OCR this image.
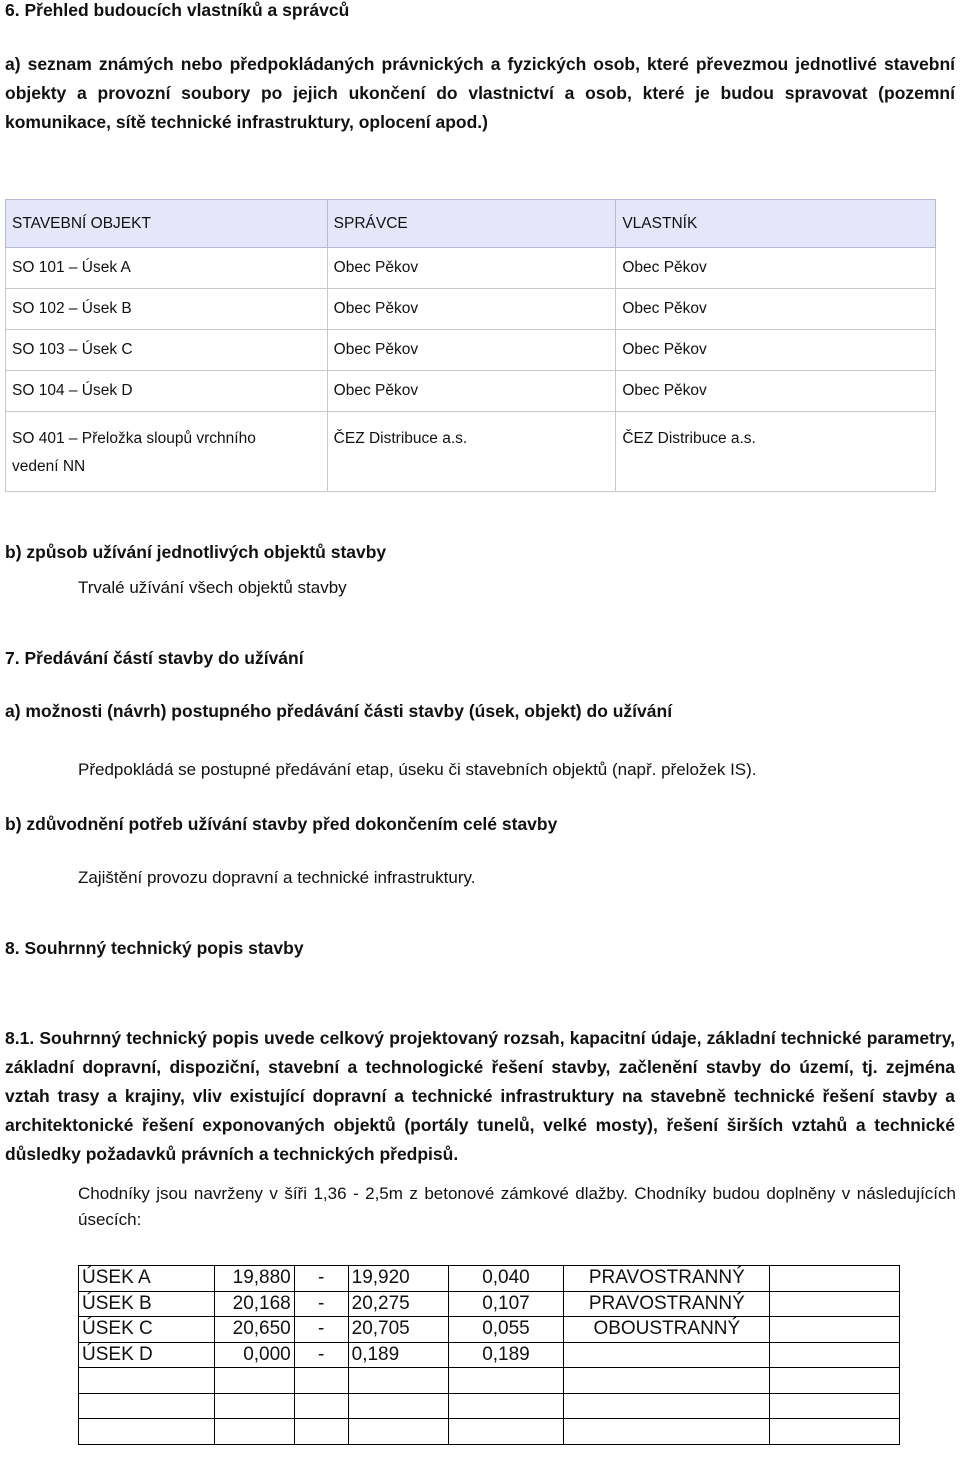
6. Přehled budoucích vlastníků a správců
a) seznam známých nebo předpokládaných právnických a fyzických osob, které převezmou jednotlivé stavební objekty a provozní soubory po jejich ukončení do vlastnictví a osob, které je budou spravovat (pozemní komunikace, sítě technické infrastruktury, oplocení apod.)
STAVEBNÍ OBJEKT	SPRÁVCE	VLASTNÍK
SO 101 – Úsek A	Obec Pěkov	Obec Pěkov
SO 102 – Úsek B	Obec Pěkov	Obec Pěkov
SO 103 – Úsek C	Obec Pěkov	Obec Pěkov
SO 104 – Úsek D	Obec Pěkov	Obec Pěkov
SO 401 – Přeložka sloupů vrchního vedení NN	ČEZ Distribuce a.s.	ČEZ Distribuce a.s.
b) způsob užívání jednotlivých objektů stavby
Trvalé užívání všech objektů stavby
7. Předávání částí stavby do užívání
a) možnosti (návrh) postupného předávání části stavby (úsek, objekt) do užívání
Předpokládá se postupné předávání etap, úseku či stavebních objektů (např. přeložek IS).
b) zdůvodnění potřeb užívání stavby před dokončením celé stavby
Zajištění provozu dopravní a technické infrastruktury.
8. Souhrnný technický popis stavby
8.1. Souhrnný technický popis uvede celkový projektovaný rozsah, kapacitní údaje, základní technické parametry, základní dopravní, dispoziční, stavební a technologické řešení stavby, začlenění stavby do území, tj. zejména vztah trasy a krajiny, vliv existující dopravní a technické infrastruktury na stavebně technické řešení stavby a architektonické řešení exponovaných objektů (portály tunelů, velké mosty), řešení širších vztahů a technické důsledky požadavků právních a technických předpisů.
Chodníky jsou navrženy v šíři 1,36 - 2,5m z betonové zámkové dlažby. Chodníky budou doplněny v následujících úsecích:
ÚSEK A	19,880	-	19,920	0,040	PRAVOSTRANNÝ	
ÚSEK B	20,168	-	20,275	0,107	PRAVOSTRANNÝ	
ÚSEK C	20,650	-	20,705	0,055	OBOUSTRANNÝ	
ÚSEK D	0,000	-	0,189	0,189		
